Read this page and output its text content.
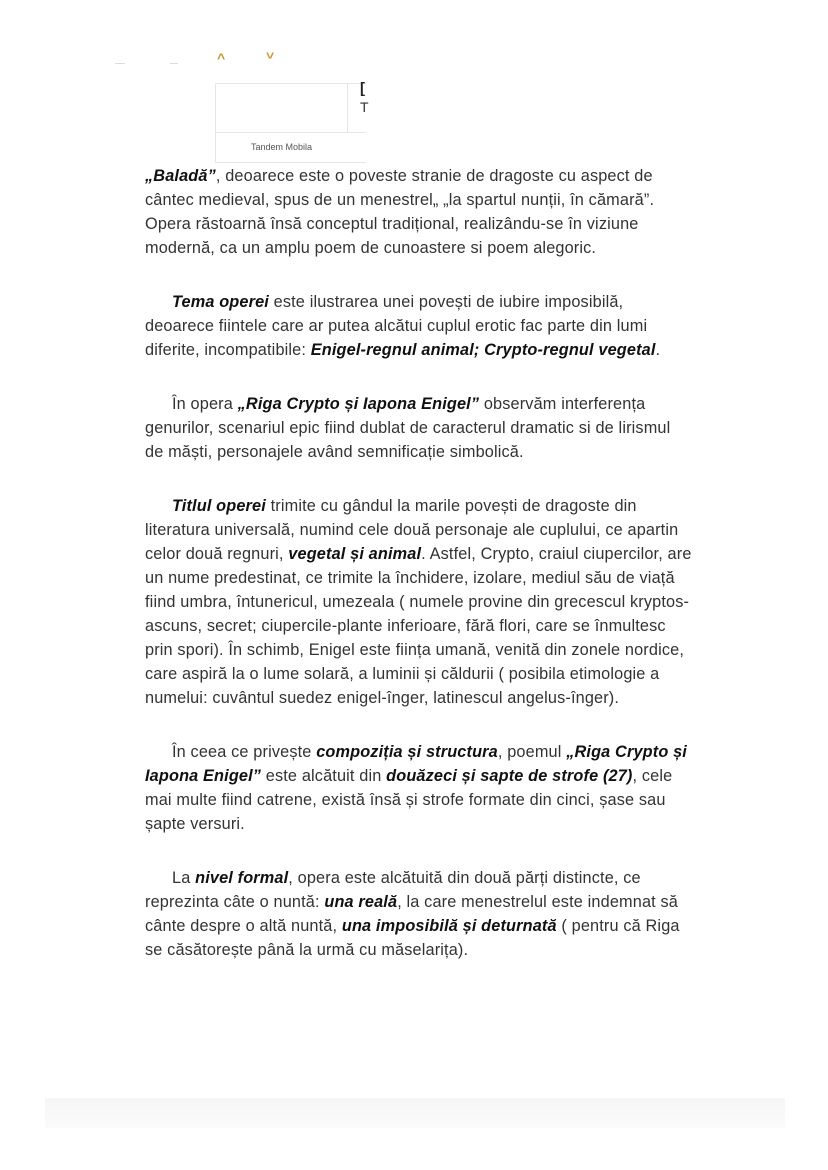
^	^
[
T
Tandem Mobila

„Baladă”, deoarece este o poveste stranie de dragoste cu aspect de cântec medieval, spus de un menestrel„ „la spartul nunții, în cămară”. Opera răstoarnă însă conceptul tradițional, realizându-se în viziune modernă, ca un amplu poem de cunoastere si poem alegoric.

Tema operei este ilustrarea unei povești de iubire imposibilă, deoarece fiintele care ar putea alcătui cuplul erotic fac parte din lumi diferite, incompatibile: Enigel-regnul animal; Crypto-regnul vegetal.

În opera „Riga Crypto și Iapona Enigel” observăm interferența genurilor, scenariul epic fiind dublat de caracterul dramatic si de lirismul de măști, personajele având semnificație simbolică.

Titlul operei trimite cu gândul la marile povești de dragoste din literatura universală, numind cele două personaje ale cuplului, ce apartin celor două regnuri, vegetal și animal. Astfel, Crypto, craiul ciupercilor, are un nume predestinat, ce trimite la închidere, izolare, mediul său de viață fiind umbra, întunericul, umezeala ( numele provine din grecescul kryptos-ascuns, secret; ciupercile-plante inferioare, fără flori, care se înmultesc prin spori). În schimb, Enigel este ființa umană, venită din zonele nordice, care aspiră la o lume solară, a luminii și căldurii ( posibila etimologie a numelui: cuvântul suedez enigel-înger, latinescul angelus-înger).

În ceea ce privește compoziția și structura, poemul „Riga Crypto și Iapona Enigel” este alcătuit din douăzeci și sapte de strofe (27), cele mai multe fiind catrene, există însă și strofe formate din cinci, șase sau șapte versuri.

La nivel formal, opera este alcătuită din două părți distincte, ce reprezinta câte o nuntă: una reală, la care menestrelul este indemnat să cânte despre o altă nuntă, una imposibilă și deturnată ( pentru că Riga se căsătorește până la urmă cu măselarița).
